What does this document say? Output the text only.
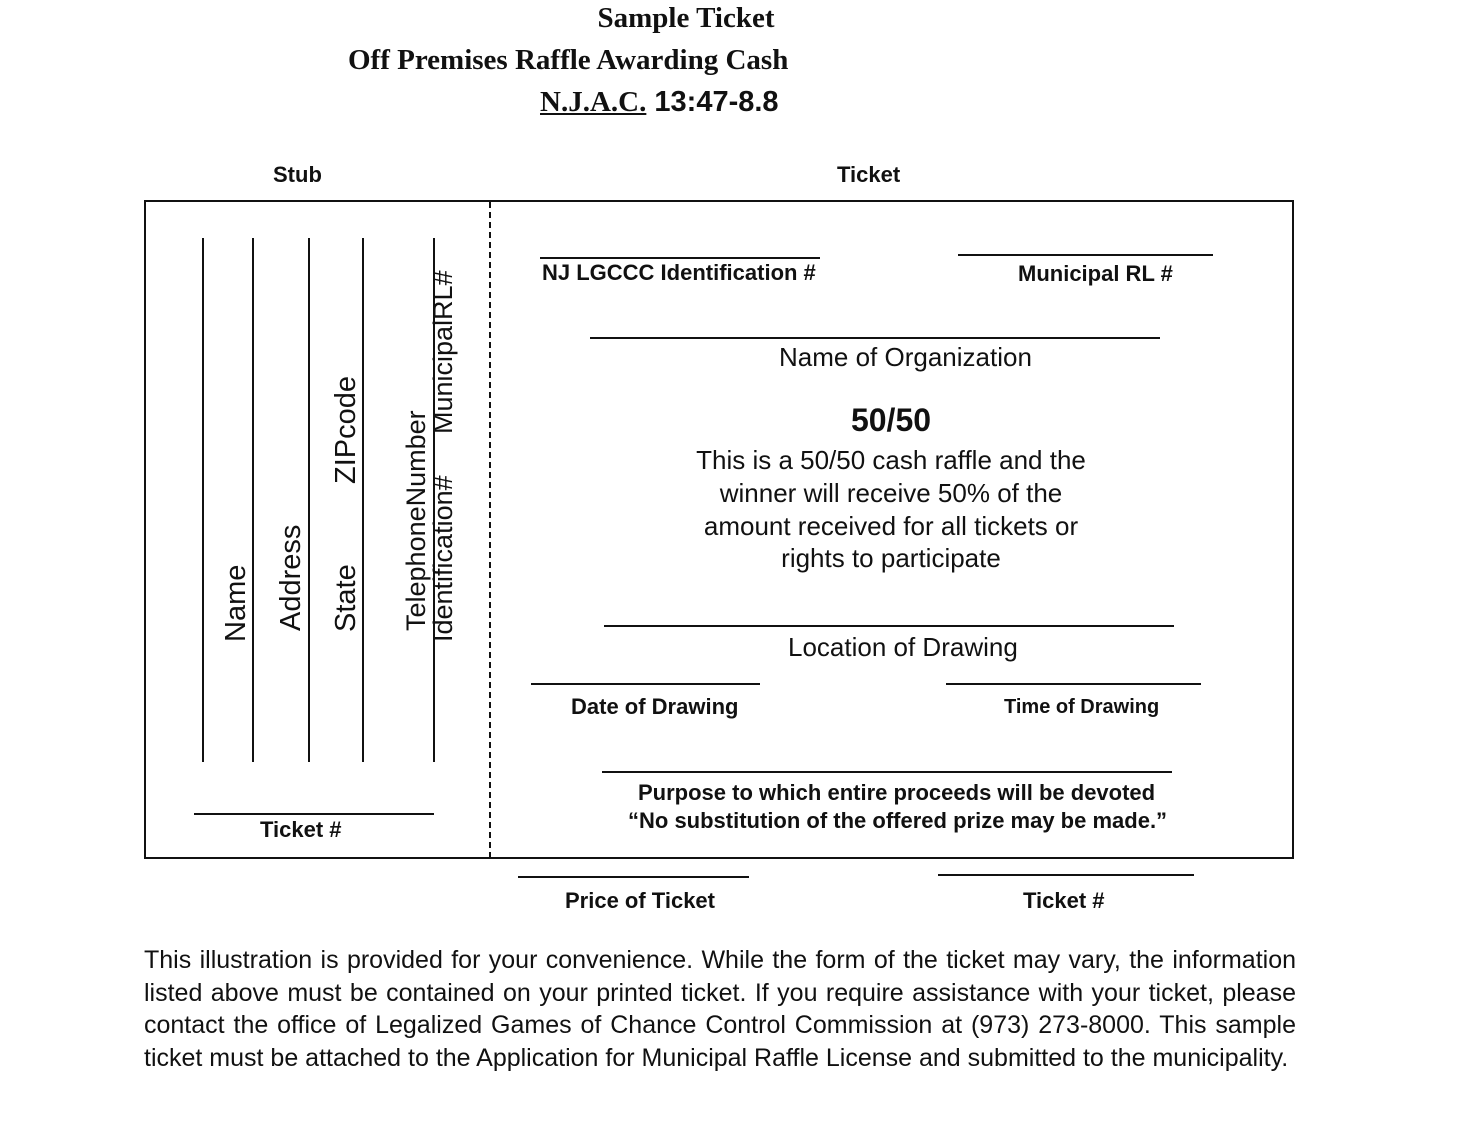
Sample Ticket
Off Premises Raffle Awarding Cash
N.J.A.C. 13:47-8.8
Stub	Ticket
Name Address State
ZIPcode TelephoneNumber
Identification#
MunicipalRL#
Ticket #
NJ LGCCC Identification #	Municipal RL #
Name of Organization
50/50
This is a 50/50 cash raffle and the
winner will receive 50% of the
amount received for all tickets or
rights to participate
Location of Drawing
Date of Drawing	Time of Drawing
Purpose to which entire proceeds will be devoted
“No substitution of the offered prize may be made.”
Price of Ticket	Ticket #
This illustration is provided for your convenience. While the form of the ticket may vary, the information listed above must be contained on your printed ticket. If you require assistance with your ticket, please contact the office of Legalized Games of Chance Control Commission at (973) 273-8000. This sample ticket must be attached to the Application for Municipal Raffle License and submitted to the municipality.
